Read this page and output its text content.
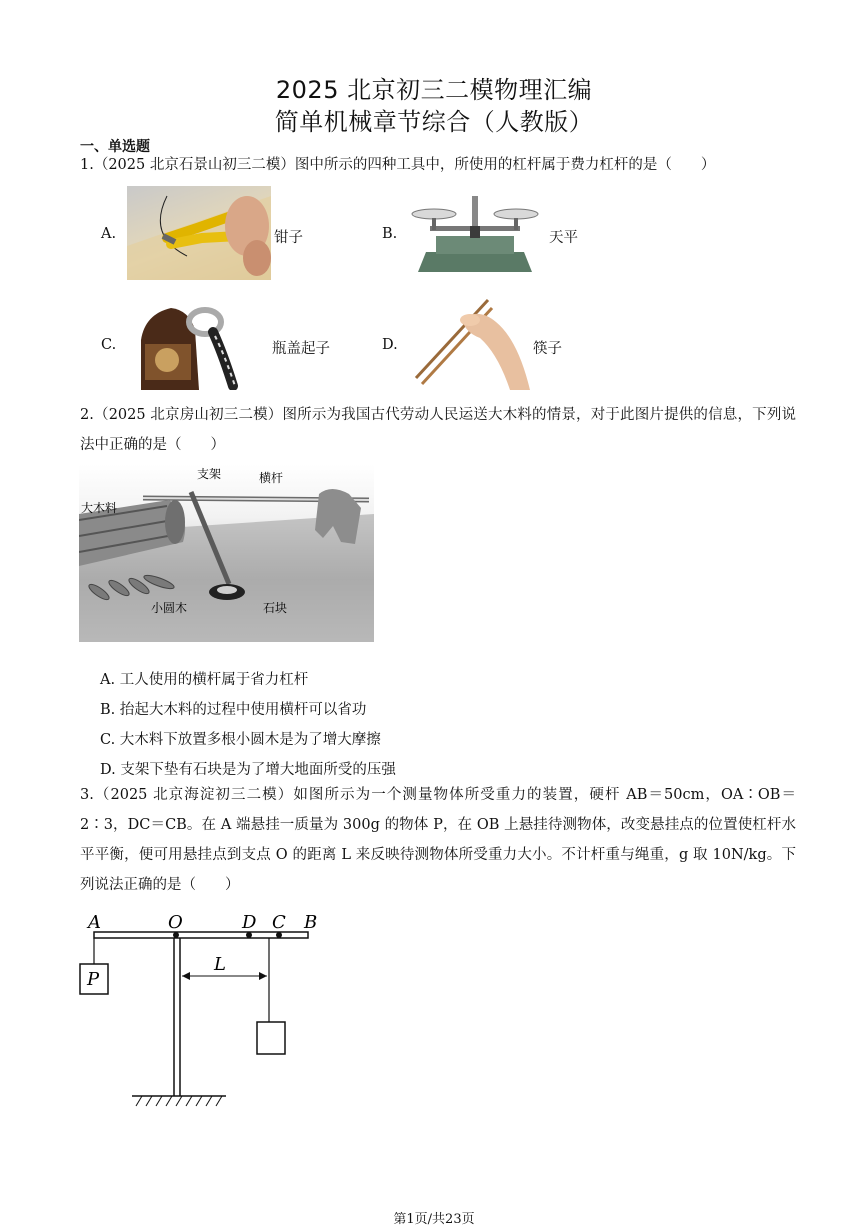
2025 北京初三二模物理汇编
简单机械章节综合（人教版）
一、单选题
1.（2025 北京石景山初三二模）图中所示的四种工具中，所使用的杠杆属于费力杠杆的是（　　）
A.	钳子	B.	天平
C.	瓶盖起子	D.	筷子
2.（2025 北京房山初三二模）图所示为我国古代劳动人民运送大木料的情景，对于此图片提供的信息，下列说法中正确的是（　　）
支架	横杆
大木料
小圆木	石块
A. 工人使用的横杆属于省力杠杆
B. 抬起大木料的过程中使用横杆可以省功
C. 大木料下放置多根小圆木是为了增大摩擦
D. 支架下垫有石块是为了增大地面所受的压强
3.（2025 北京海淀初三二模）如图所示为一个测量物体所受重力的装置，硬杆 AB＝50cm，OA∶OB＝2∶3，DC＝CB。在 A 端悬挂一质量为 300g 的物体 P，在 OB 上悬挂待测物体，改变悬挂点的位置使杠杆水平平衡，便可用悬挂点到支点 O 的距离 L 来反映待测物体所受重力大小。不计杆重与绳重，g 取 10N/kg。下列说法正确的是（　　）
A	O	D C B
L
P
第1页/共23页
